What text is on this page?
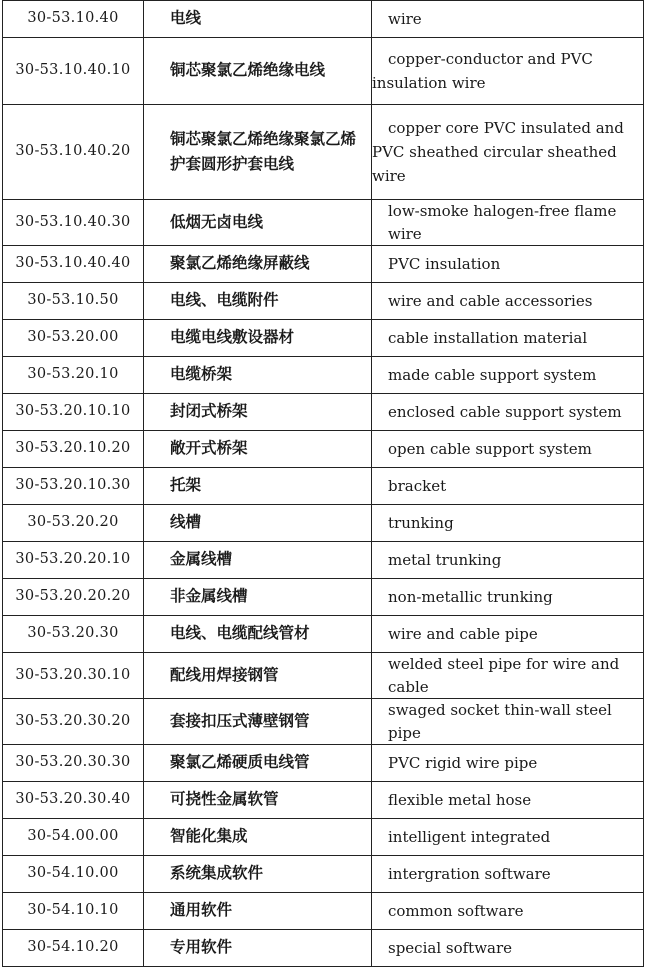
30-53.10.40	电线	wire
30-53.10.40.10	铜芯聚氯乙烯绝缘电线	copper-conductor and PVC insulation wire
30-53.10.40.20	铜芯聚氯乙烯绝缘聚氯乙烯护套圆形护套电线	copper core PVC insulated and PVC sheathed circular sheathed wire
30-53.10.40.30	低烟无卤电线	low-smoke halogen-free flame wire
30-53.10.40.40	聚氯乙烯绝缘屏蔽线	PVC insulation
30-53.10.50	电线、电缆附件	wire and cable accessories
30-53.20.00	电缆电线敷设器材	cable installation material
30-53.20.10	电缆桥架	made cable support system
30-53.20.10.10	封闭式桥架	enclosed cable support system
30-53.20.10.20	敞开式桥架	open cable support system
30-53.20.10.30	托架	bracket
30-53.20.20	线槽	trunking
30-53.20.20.10	金属线槽	metal trunking
30-53.20.20.20	非金属线槽	non-metallic trunking
30-53.20.30	电线、电缆配线管材	wire and cable pipe
30-53.20.30.10	配线用焊接钢管	welded steel pipe for wire and cable
30-53.20.30.20	套接扣压式薄壁钢管	swaged socket thin-wall steel pipe
30-53.20.30.30	聚氯乙烯硬质电线管	PVC rigid wire pipe
30-53.20.30.40	可挠性金属软管	flexible metal hose
30-54.00.00	智能化集成	intelligent integrated
30-54.10.00	系统集成软件	intergration software
30-54.10.10	通用软件	common software
30-54.10.20	专用软件	special software
